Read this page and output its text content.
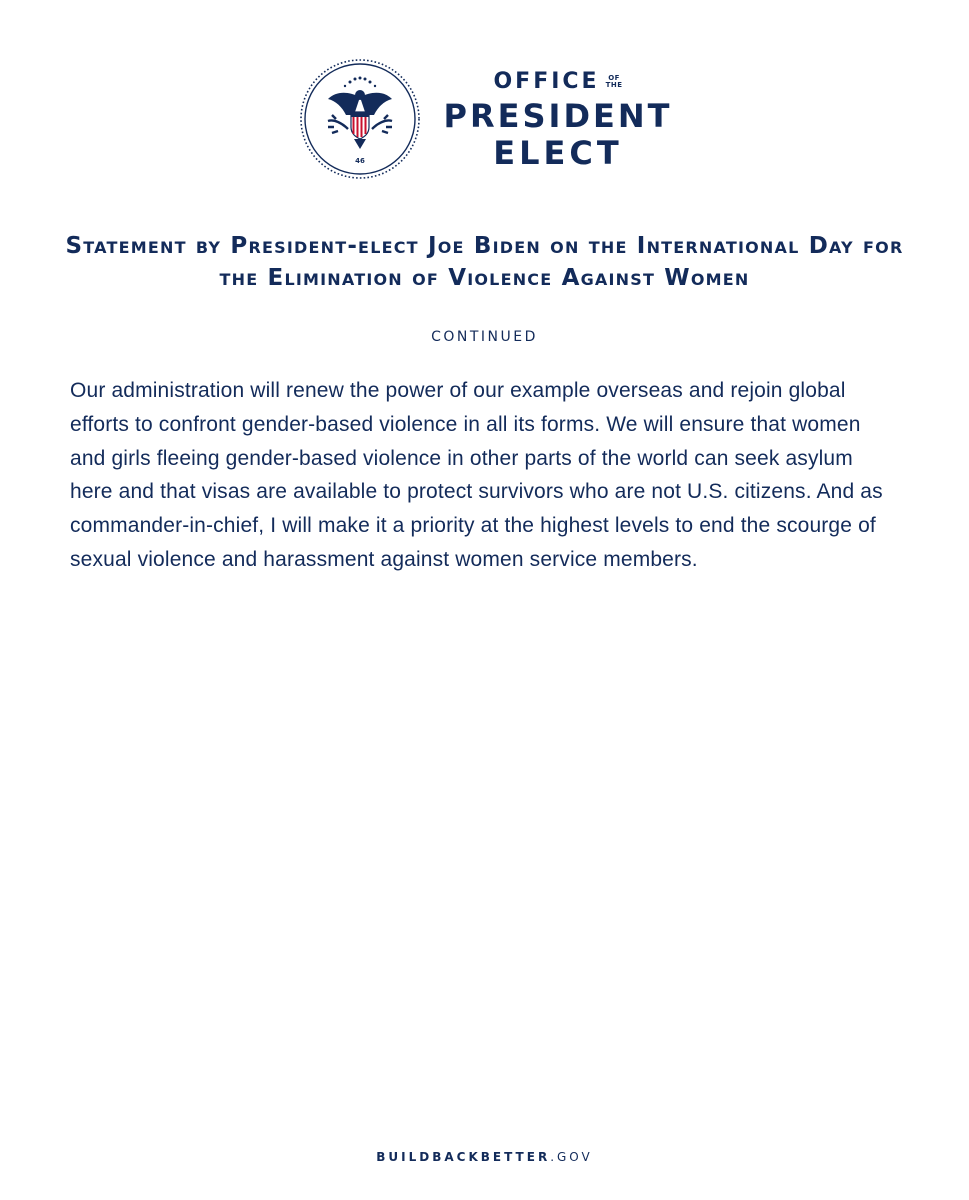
46
OFFICE OF
THE
PRESIDENT
ELECT
Statement by President-elect Joe Biden on the International Day for the Elimination of Violence Against Women
CONTINUED
Our administration will renew the power of our example overseas and rejoin global efforts to confront gender-based violence in all its forms. We will ensure that women and girls fleeing gender-based violence in other parts of the world can seek asylum here and that visas are available to protect survivors who are not U.S. citizens. And as commander-in-chief, I will make it a priority at the highest levels to end the scourge of sexual violence and harassment against women service members.
BUILDBACKBETTER.GOV
